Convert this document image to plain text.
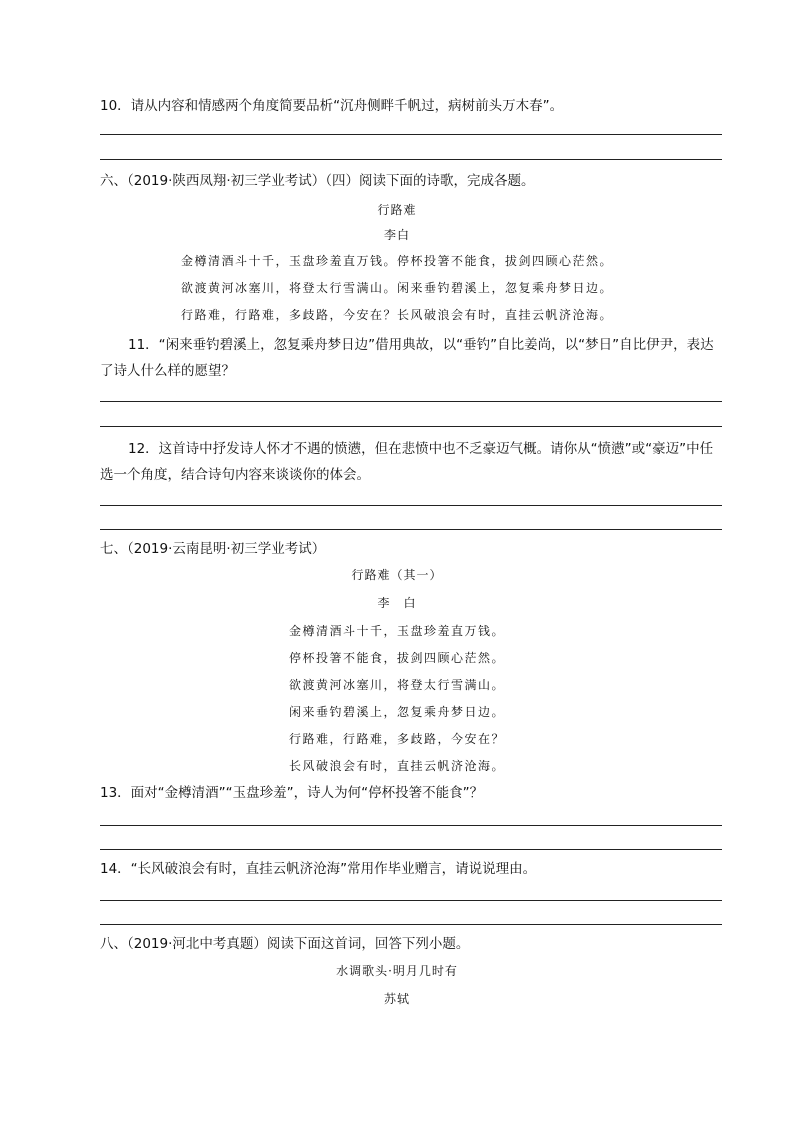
10．请从内容和情感两个角度简要品析“沉舟侧畔千帆过，病树前头万木春”。
六、（2019·陕西凤翔·初三学业考试）（四）阅读下面的诗歌，完成各题。
行路难
李白
金樽清酒斗十千，玉盘珍羞直万钱。停杯投箸不能食，拔剑四顾心茫然。
欲渡黄河冰塞川，将登太行雪满山。闲来垂钓碧溪上，忽复乘舟梦日边。
行路难，行路难，多歧路，今安在？长风破浪会有时，直挂云帆济沧海。
11．“闲来垂钓碧溪上，忽复乘舟梦日边”借用典故，以“垂钓”自比姜尚，以“梦日”自比伊尹，表达了诗人什么样的愿望？
12．这首诗中抒发诗人怀才不遇的愤懑，但在悲愤中也不乏豪迈气概。请你从“愤懑”或“豪迈”中任选一个角度，结合诗句内容来谈谈你的体会。
七、（2019·云南昆明·初三学业考试）
行路难（其一）
李　白
金樽清酒斗十千，玉盘珍羞直万钱。
停杯投箸不能食，拔剑四顾心茫然。
欲渡黄河冰塞川，将登太行雪满山。
闲来垂钓碧溪上，忽复乘舟梦日边。
行路难，行路难，多歧路，今安在？
长风破浪会有时，直挂云帆济沧海。
13．面对“金樽清酒”“玉盘珍羞”，诗人为何“停杯投箸不能食”？
14．“长风破浪会有时，直挂云帆济沧海”常用作毕业赠言，请说说理由。
八、（2019·河北中考真题）阅读下面这首词，回答下列小题。
水调歌头·明月几时有
苏轼
